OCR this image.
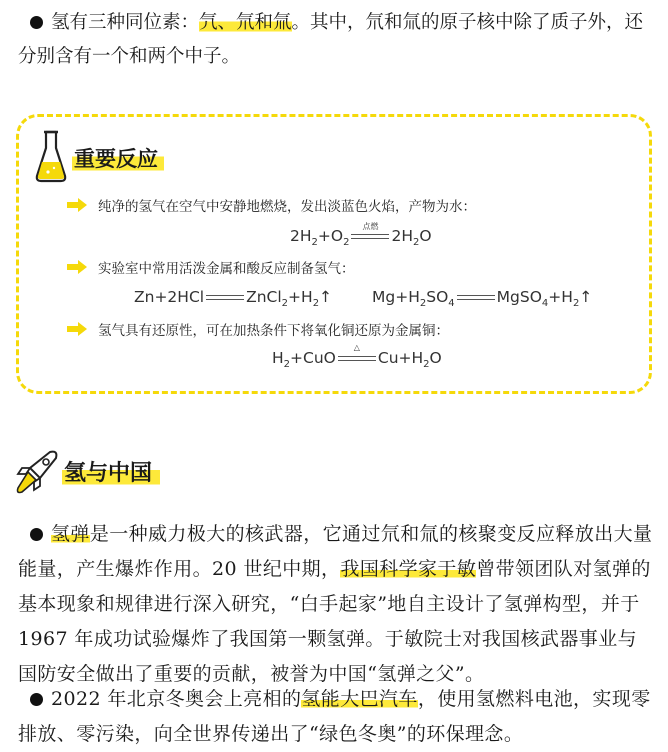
氢有三种同位素：氕、氘和氚。其中，氘和氚的原子核中除了质子外，还分别含有一个和两个中子。
重要反应
纯净的氢气在空气中安静地燃烧，发出淡蓝色火焰，产物为水：
$2H_2+O_2$
点燃
$2H_2O$
实验室中常用活泼金属和酸反应制备氢气：
Zn+2HCl	$ZnCl_2+H_2↑$	$Mg+H_2SO_4$	$MgSO_4+H_2↑$
氢气具有还原性，可在加热条件下将氧化铜还原为金属铜：
$H_2+CuO$
△
$Cu+H_2O$
氢与中国
氢弹是一种威力极大的核武器，它通过氘和氚的核聚变反应释放出大量能量，产生爆炸作用。20 世纪中期，我国科学家于敏曾带领团队对氢弹的基本现象和规律进行深入研究，“白手起家”地自主设计了氢弹构型，并于 1967 年成功试验爆炸了我国第一颗氢弹。于敏院士对我国核武器事业与国防安全做出了重要的贡献，被誉为中国“氢弹之父”。
2022 年北京冬奥会上亮相的氢能大巴汽车，使用氢燃料电池，实现零排放、零污染，向全世界传递出了“绿色冬奥”的环保理念。
